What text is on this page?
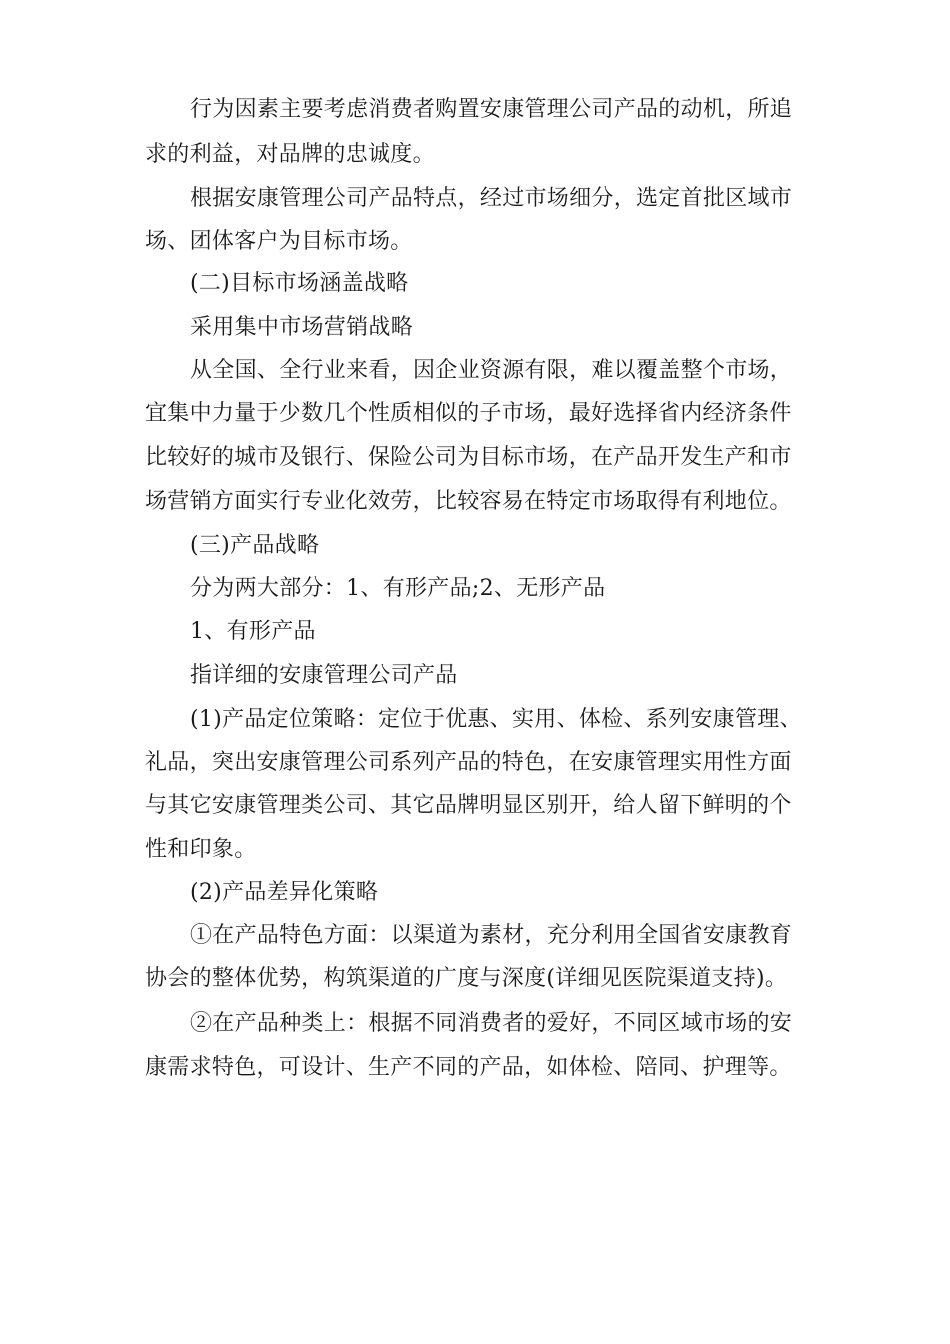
行为因素主要考虑消费者购置安康管理公司产品的动机，所追

求的利益，对品牌的忠诚度。

根据安康管理公司产品特点，经过市场细分，选定首批区域市

场、团体客户为目标市场。

(二)目标市场涵盖战略

采用集中市场营销战略

从全国、全行业来看，因企业资源有限，难以覆盖整个市场，

宜集中力量于少数几个性质相似的子市场，最好选择省内经济条件

比较好的城市及银行、保险公司为目标市场，在产品开发生产和市

场营销方面实行专业化效劳，比较容易在特定市场取得有利地位。

(三)产品战略

分为两大部分：1、有形产品;2、无形产品

1、有形产品

指详细的安康管理公司产品

(1)产品定位策略：定位于优惠、实用、体检、系列安康管理、

礼品，突出安康管理公司系列产品的特色，在安康管理实用性方面

与其它安康管理类公司、其它品牌明显区别开，给人留下鲜明的个

性和印象。

(2)产品差异化策略

①在产品特色方面：以渠道为素材，充分利用全国省安康教育

协会的整体优势，构筑渠道的广度与深度(详细见医院渠道支持)。

②在产品种类上：根据不同消费者的爱好，不同区域市场的安

康需求特色，可设计、生产不同的产品，如体检、陪同、护理等。
